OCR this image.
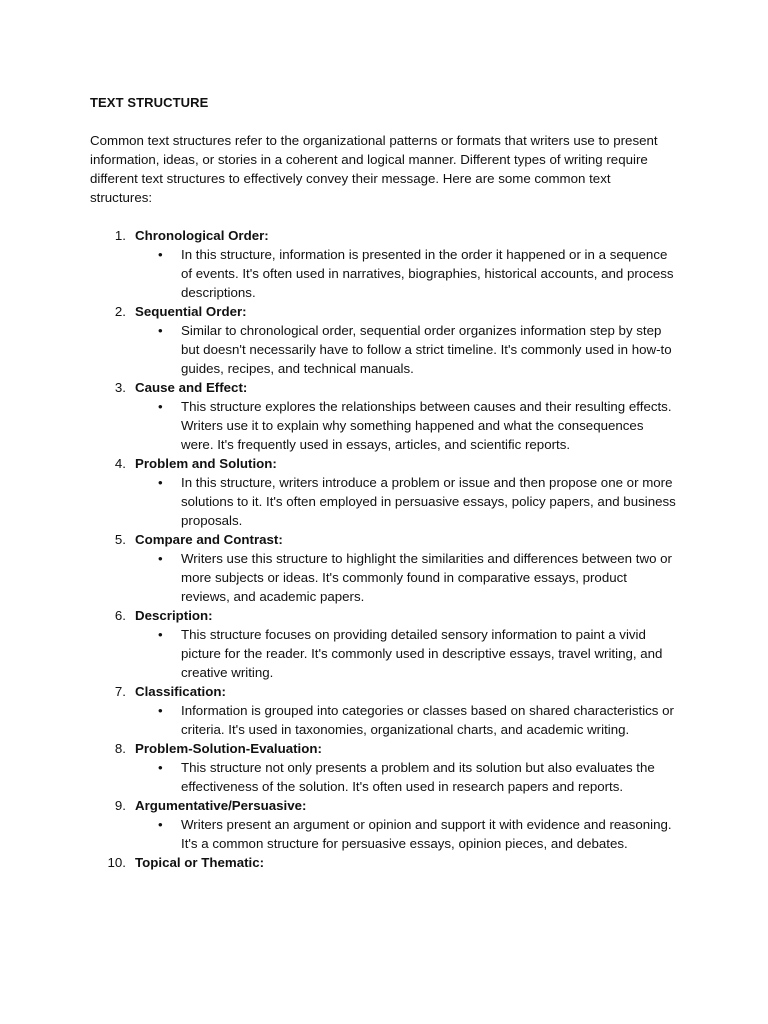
TEXT STRUCTURE
Common text structures refer to the organizational patterns or formats that writers use to present information, ideas, or stories in a coherent and logical manner. Different types of writing require different text structures to effectively convey their message. Here are some common text structures:
1. Chronological Order:
• In this structure, information is presented in the order it happened or in a sequence of events. It's often used in narratives, biographies, historical accounts, and process descriptions.
2. Sequential Order:
• Similar to chronological order, sequential order organizes information step by step but doesn't necessarily have to follow a strict timeline. It's commonly used in how-to guides, recipes, and technical manuals.
3. Cause and Effect:
• This structure explores the relationships between causes and their resulting effects. Writers use it to explain why something happened and what the consequences were. It's frequently used in essays, articles, and scientific reports.
4. Problem and Solution:
• In this structure, writers introduce a problem or issue and then propose one or more solutions to it. It's often employed in persuasive essays, policy papers, and business proposals.
5. Compare and Contrast:
• Writers use this structure to highlight the similarities and differences between two or more subjects or ideas. It's commonly found in comparative essays, product reviews, and academic papers.
6. Description:
• This structure focuses on providing detailed sensory information to paint a vivid picture for the reader. It's commonly used in descriptive essays, travel writing, and creative writing.
7. Classification:
• Information is grouped into categories or classes based on shared characteristics or criteria. It's used in taxonomies, organizational charts, and academic writing.
8. Problem-Solution-Evaluation:
• This structure not only presents a problem and its solution but also evaluates the effectiveness of the solution. It's often used in research papers and reports.
9. Argumentative/Persuasive:
• Writers present an argument or opinion and support it with evidence and reasoning. It's a common structure for persuasive essays, opinion pieces, and debates.
10. Topical or Thematic:
